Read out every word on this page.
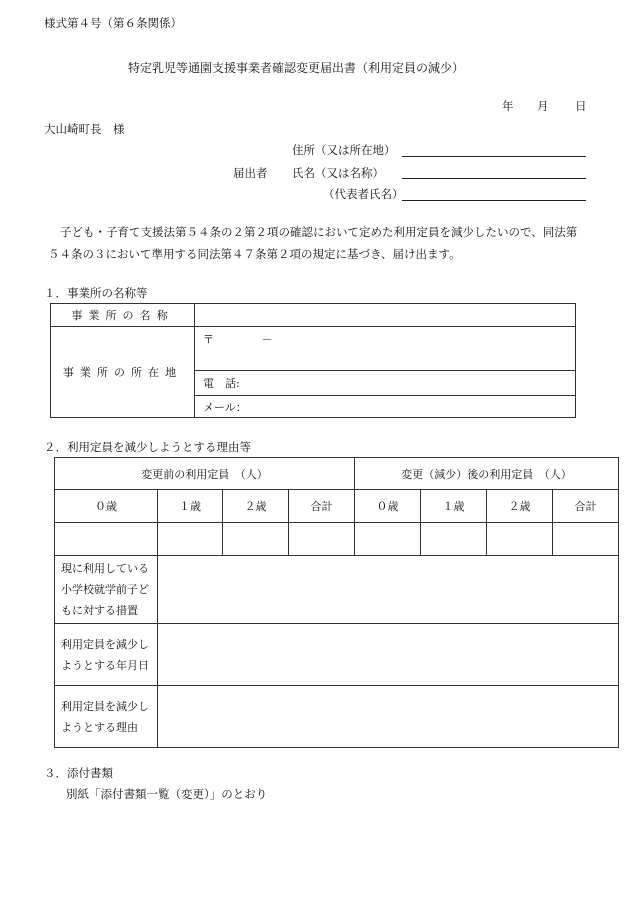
様式第４号（第６条関係）
特定乳児等通園支援事業者確認変更届出書（利用定員の減少）
年 月 日
大山崎町長　様
住所（又は所在地）
届出者 氏名（又は名称）
（代表者氏名）
子ども・子育て支援法第５４条の２第２項の確認において定めた利用定員を減少したいので、同法第５４条の３において準用する同法第４７条第２項の規定に基づき、届け出ます。
１．事業所の名称等
事業所の名称	
事業所の所在地	〒 －
	電　話:
	メール：
２．利用定員を減少しようとする理由等
変更前の利用定員　（人）				変更（減少）後の利用定員　（人）			
０歳	１歳	２歳	合計	０歳	１歳	２歳	合計

現に利用している小学校就学前子どもに対する措置							
利用定員を減少しようとする年月日							
利用定員を減少しようとする理由							
３．添付書類
別紙「添付書類一覧（変更）」のとおり
